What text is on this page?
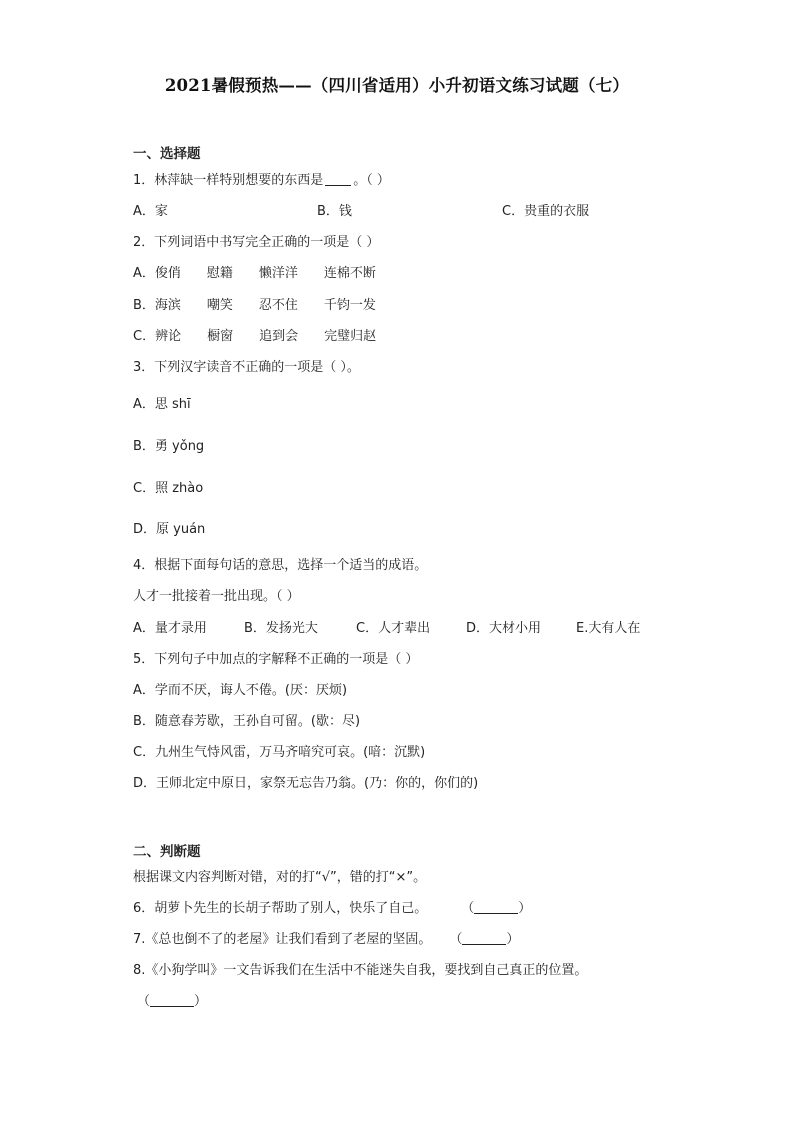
2021暑假预热——（四川省适用）小升初语文练习试题（七）
一、选择题
1．林萍缺一样特别想要的东西是 。（ ）
A．家	B．钱	C．贵重的衣服
2．下列词语中书写完全正确的一项是（ ）
A．俊俏　　慰籍　　懒洋洋　　连棉不断
B．海滨　　嘲笑　　忍不住　　千钧一发
C．辨论　　橱窗　　追到会　　完璧归赵
3．下列汉字读音不正确的一项是（ ）。
A．思 shī
B．勇 yǒng
C．照 zhào
D．原 yuán
4．根据下面每句话的意思，选择一个适当的成语。
人才一批接着一批出现。（ ）
A．量才录用	B．发扬光大	C．人才辈出	D．大材小用	E.大有人在
5．下列句子中加点的字解释不正确的一项是（ ）
A．学而不厌，诲人不倦。(厌：厌烦)
B．随意春芳歇，王孙自可留。(歇：尽)
C．九州生气恃风雷，万马齐喑究可哀。(喑：沉默)
D．王师北定中原日，家祭无忘告乃翁。(乃：你的，你们的)
二、判断题
根据课文内容判断对错，对的打“√”，错的打“×”。
6．胡萝卜先生的长胡子帮助了别人，快乐了自己。	（	）
7.《总也倒不了的老屋》让我们看到了老屋的坚固。 （	）
8.《小狗学叫》一文告诉我们在生活中不能迷失自我，要找到自己真正的位置。
（	）
